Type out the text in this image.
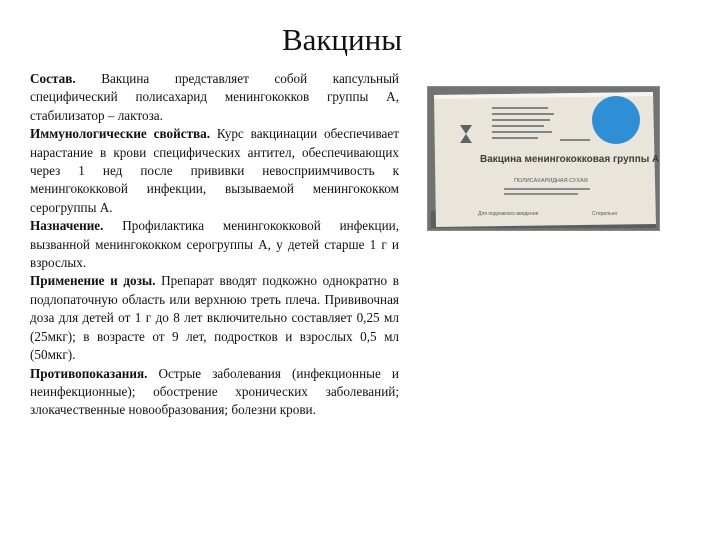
Вакцины

Состав. Вакцина представляет собой капсульный специфический полисахарид менингококков группы А, стабилизатор – лактоза.

Иммунологические свойства. Курс вакцинации обеспечивает нарастание в крови специфических антител, обеспечивающих через 1 нед после прививки невосприимчивость к менингококковой инфекции, вызываемой менингококком серогруппы А.

Назначение. Профилактика менингококковой инфекции, вызванной менингококком серогруппы А, у детей старше 1 г и взрослых.

Применение и дозы. Препарат вводят подкожно однократно в подлопаточную область или верхнюю треть плеча. Прививочная доза для детей от 1 г до 8 лет включительно составляет 0,25 мл (25мкг); в возрасте от 9 лет, подростков и взрослых 0,5 мл (50мкг).

Противопоказания. Острые заболевания (инфекционные и неинфекционные); обострение хронических заболеваний; злокачественные новообразования; болезни крови.

Вакцина менингококковая группы А
ПОЛИСАХАРИДНАЯ СУХАЯ
Для подкожного введения	Стерильно
